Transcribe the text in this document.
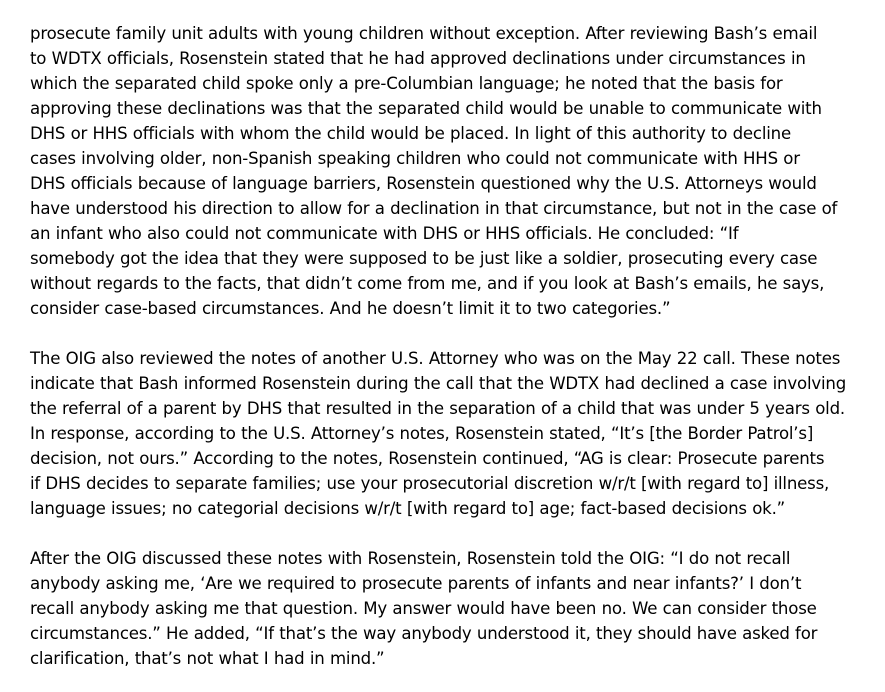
prosecute family unit adults with young children without exception. After reviewing Bash’s email
to WDTX officials, Rosenstein stated that he had approved declinations under circumstances in
which the separated child spoke only a pre-Columbian language; he noted that the basis for
approving these declinations was that the separated child would be unable to communicate with
DHS or HHS officials with whom the child would be placed. In light of this authority to decline
cases involving older, non-Spanish speaking children who could not communicate with HHS or
DHS officials because of language barriers, Rosenstein questioned why the U.S. Attorneys would
have understood his direction to allow for a declination in that circumstance, but not in the case of
an infant who also could not communicate with DHS or HHS officials. He concluded: “If
somebody got the idea that they were supposed to be just like a soldier, prosecuting every case
without regards to the facts, that didn’t come from me, and if you look at Bash’s emails, he says,
consider case-based circumstances. And he doesn’t limit it to two categories.”

The OIG also reviewed the notes of another U.S. Attorney who was on the May 22 call. These notes
indicate that Bash informed Rosenstein during the call that the WDTX had declined a case involving
the referral of a parent by DHS that resulted in the separation of a child that was under 5 years old.
In response, according to the U.S. Attorney’s notes, Rosenstein stated, “It’s [the Border Patrol’s]
decision, not ours.” According to the notes, Rosenstein continued, “AG is clear: Prosecute parents
if DHS decides to separate families; use your prosecutorial discretion w/r/t [with regard to] illness,
language issues; no categorial decisions w/r/t [with regard to] age; fact-based decisions ok.”

After the OIG discussed these notes with Rosenstein, Rosenstein told the OIG: “I do not recall
anybody asking me, ‘Are we required to prosecute parents of infants and near infants?’ I don’t
recall anybody asking me that question. My answer would have been no. We can consider those
circumstances.” He added, “If that’s the way anybody understood it, they should have asked for
clarification, that’s not what I had in mind.”
